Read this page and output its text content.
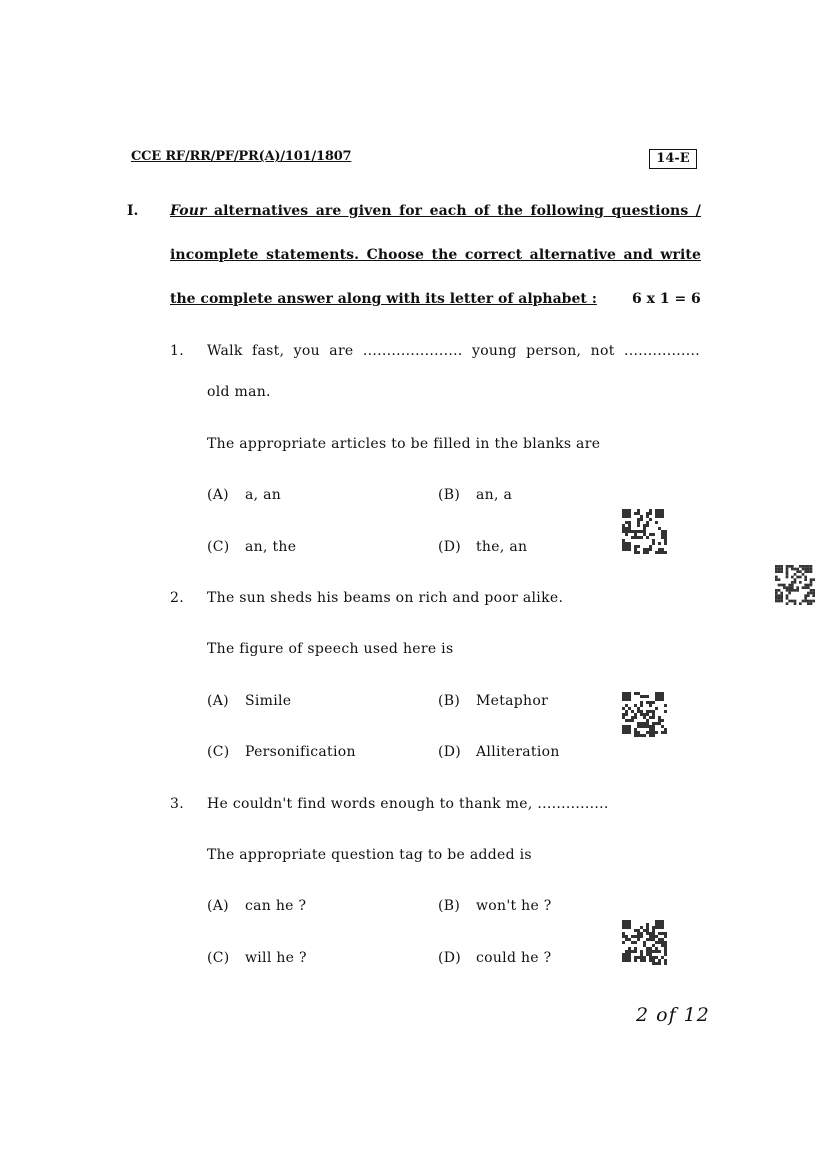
CCE RF/RR/PF/PR(A)/101/1807	14-E
I. Four alternatives are given for each of the following questions /
incomplete statements. Choose the correct alternative and write
the complete answer along with its letter of alphabet :	6 x 1 = 6
1. Walk fast, you are ..................... young person, not ................
old man.
The appropriate articles to be filled in the blanks are
(A) a, an	(B) an, a
(C) an, the	(D) the, an
2. The sun sheds his beams on rich and poor alike.
The figure of speech used here is
(A) Simile	(B) Metaphor
(C) Personification	(D) Alliteration
3. He couldn't find words enough to thank me, ...............
The appropriate question tag to be added is
(A) can he ?	(B) won't he ?
(C) will he ?	(D) could he ?
2 of 12
